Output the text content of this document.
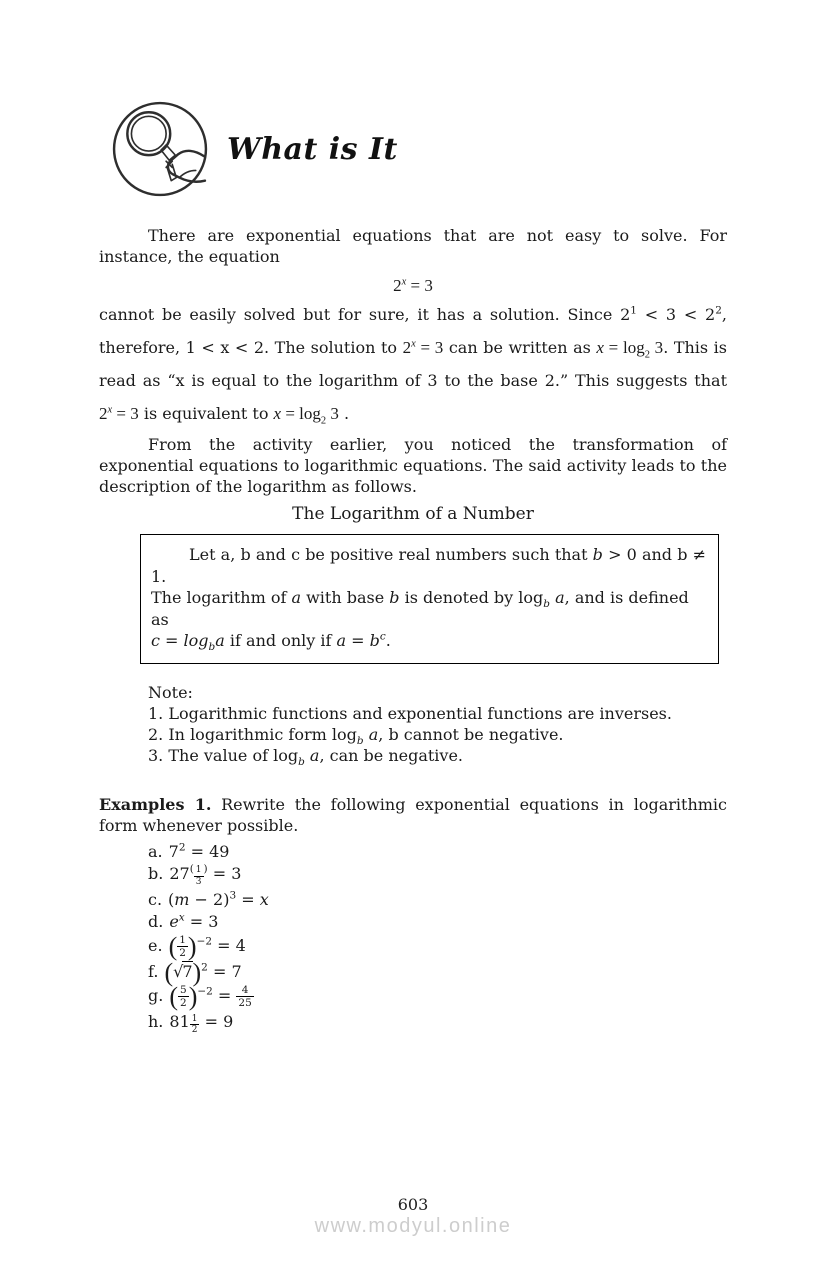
What is It
There are exponential equations that are not easy to solve. For instance, the equation
$2^x = 3$
cannot be easily solved but for sure, it has a solution. Since $2^1 < 3 < 2^2$, therefore, 1 < x < 2. The solution to $2^x = 3$ can be written as $x = \log_2 3$. This is read as “x is equal to the logarithm of 3 to the base 2.” This suggests that $2^x = 3$ is equivalent to $x = \log_2 3$ .
From the activity earlier, you noticed the transformation of exponential equations to logarithmic equations. The said activity leads to the description of the logarithm as follows.
The Logarithm of a Number
Let a, b and c be positive real numbers such that b > 0 and b ≠ 1.
The logarithm of a with base b is denoted by $\log_b a$, and is defined as
$c = \log_ba$ if and only if $a = b^c$.
Note:
1. Logarithmic functions and exponential functions are inverses.
2. In logarithmic form $\log_b a$, b cannot be negative.
3. The value of $\log_b a$, can be negative.
Examples 1. Rewrite the following exponential equations in logarithmic form whenever possible.
a. $7^2 = 49$
b. $27^{( \frac{1}{3} )} = 3$
c. $(m - 2)^3 = x$
d. $e^x = 3$
e. ( $\frac{1}{2} )^{-2} = 4$
f. $(√7)^2 = 7$
g. ( $\frac{5}{2} )^{-2} = \frac{4}{25}$
h. 81 $^{\frac{1}{2}}$ = 9
603
www.modyul.online
